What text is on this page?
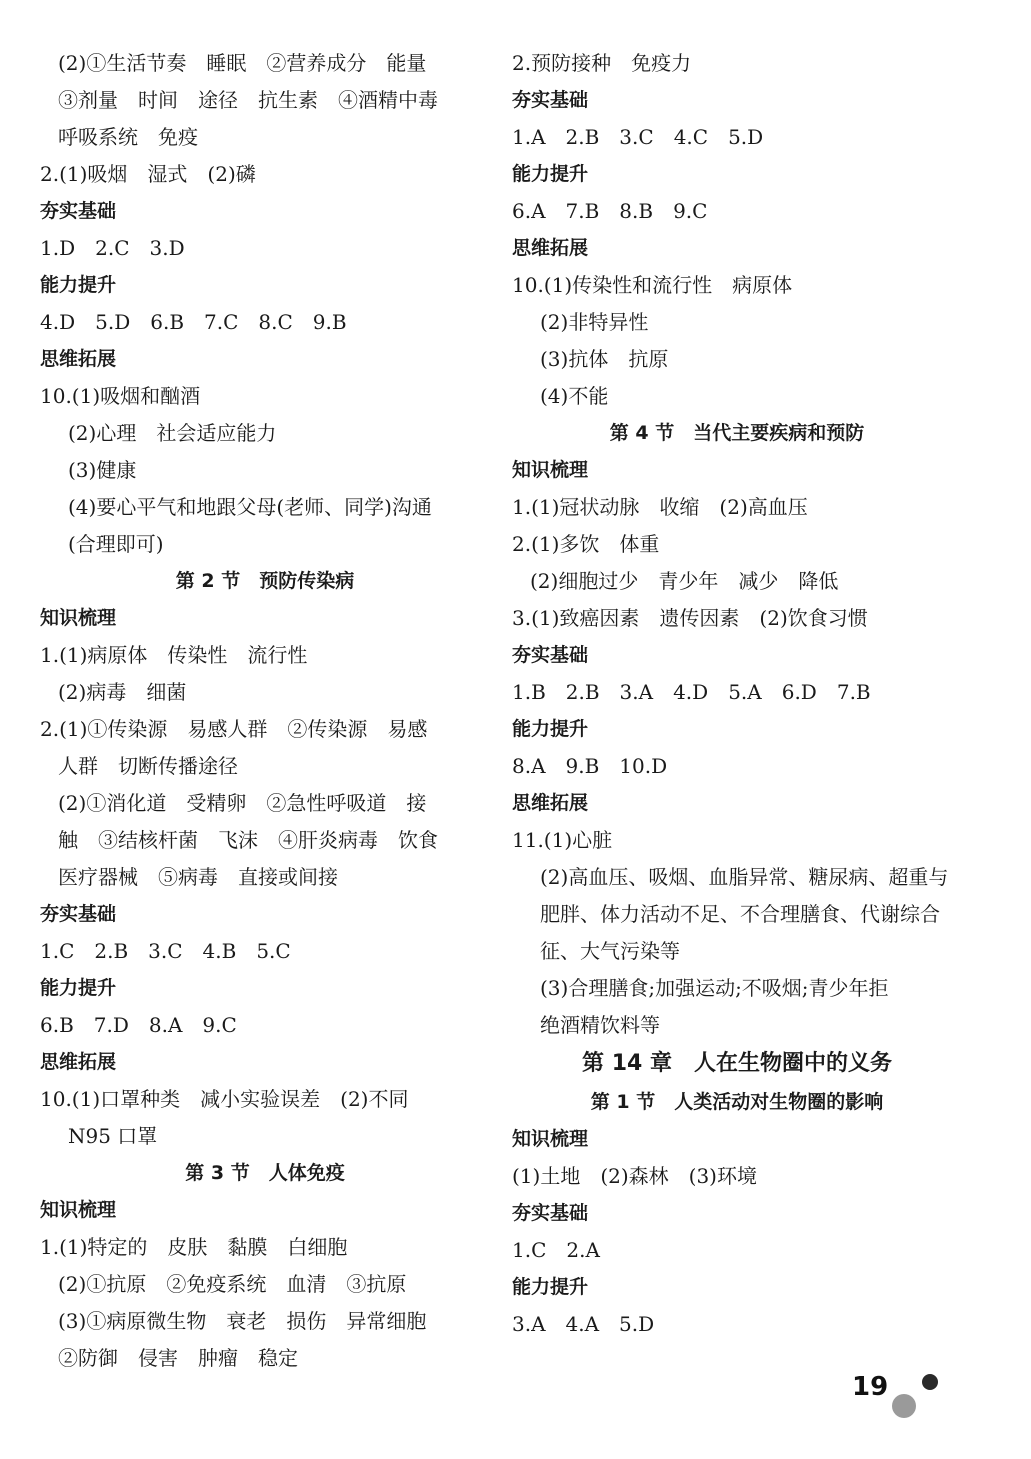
(2)①生活节奏　睡眠　②营养成分　能量
③剂量　时间　途径　抗生素　④酒精中毒
呼吸系统　免疫
2.(1)吸烟　湿式　(2)磷
夯实基础
1.D　2.C　3.D
能力提升
4.D　5.D　6.B　7.C　8.C　9.B
思维拓展
10.(1)吸烟和酗酒
(2)心理　社会适应能力
(3)健康
(4)要心平气和地跟父母(老师、同学)沟通
(合理即可)
第 2 节　预防传染病
知识梳理
1.(1)病原体　传染性　流行性
(2)病毒　细菌
2.(1)①传染源　易感人群　②传染源　易感
人群　切断传播途径
(2)①消化道　受精卵　②急性呼吸道　接
触　③结核杆菌　飞沫　④肝炎病毒　饮食
医疗器械　⑤病毒　直接或间接
夯实基础
1.C　2.B　3.C　4.B　5.C
能力提升
6.B　7.D　8.A　9.C
思维拓展
10.(1)口罩种类　减小实验误差　(2)不同
N95 口罩
第 3 节　人体免疫
知识梳理
1.(1)特定的　皮肤　黏膜　白细胞
(2)①抗原　②免疫系统　血清　③抗原
(3)①病原微生物　衰老　损伤　异常细胞
②防御　侵害　肿瘤　稳定
2.预防接种　免疫力
夯实基础
1.A　2.B　3.C　4.C　5.D
能力提升
6.A　7.B　8.B　9.C
思维拓展
10.(1)传染性和流行性　病原体
(2)非特异性
(3)抗体　抗原
(4)不能
第 4 节　当代主要疾病和预防
知识梳理
1.(1)冠状动脉　收缩　(2)高血压
2.(1)多饮　体重
(2)细胞过少　青少年　减少　降低
3.(1)致癌因素　遗传因素　(2)饮食习惯
夯实基础
1.B　2.B　3.A　4.D　5.A　6.D　7.B
能力提升
8.A　9.B　10.D
思维拓展
11.(1)心脏
(2)高血压、吸烟、血脂异常、糖尿病、超重与
肥胖、体力活动不足、不合理膳食、代谢综合
征、大气污染等
(3)合理膳食;加强运动;不吸烟;青少年拒
绝酒精饮料等
第 14 章　人在生物圈中的义务
第 1 节　人类活动对生物圈的影响
知识梳理
(1)土地　(2)森林　(3)环境
夯实基础
1.C　2.A
能力提升
3.A　4.A　5.D
19
